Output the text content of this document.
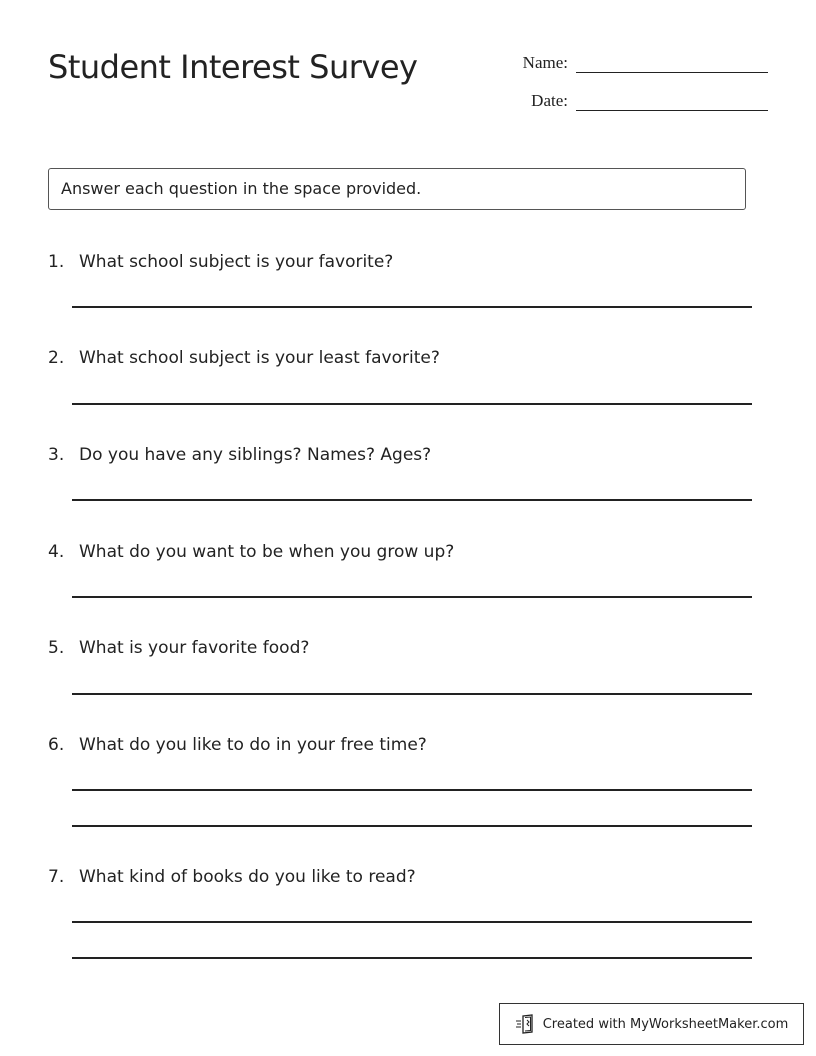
Student Interest Survey	Name:
Date:
Answer each question in the space provided.
1. What school subject is your favorite?
2. What school subject is your least favorite?
3. Do you have any siblings? Names? Ages?
4. What do you want to be when you grow up?
5. What is your favorite food?
6. What do you like to do in your free time?
7. What kind of books do you like to read?
Created with MyWorksheetMaker.com
